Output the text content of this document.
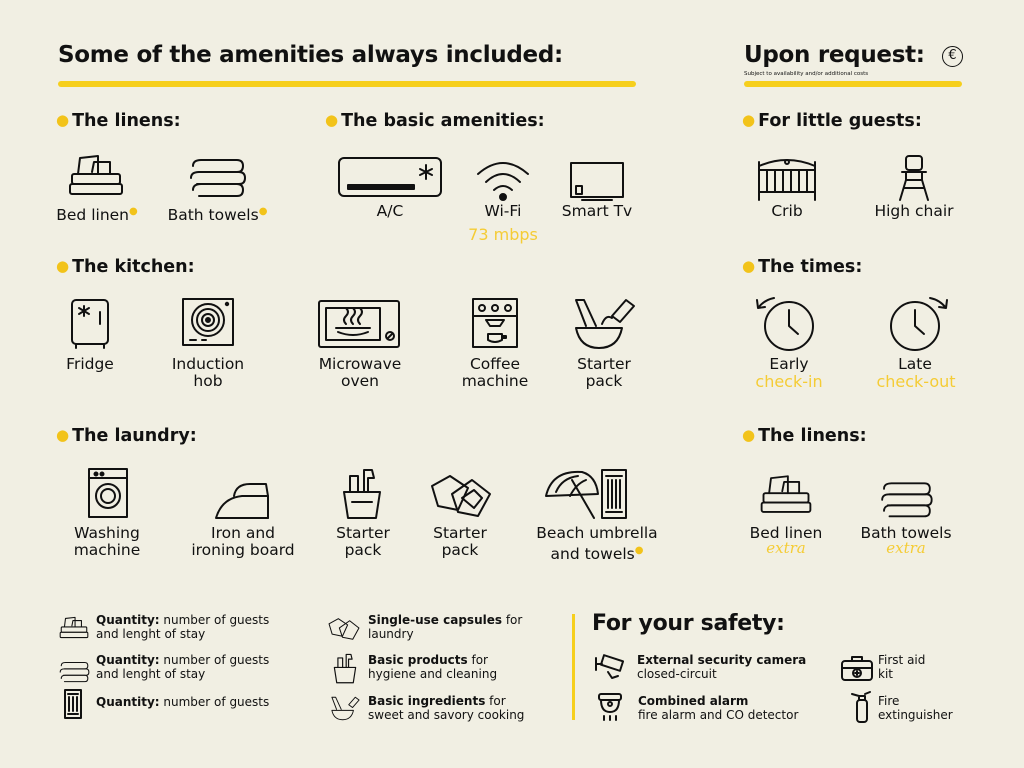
Some of the amenities always included:	Upon request:
Subject to availability and/or additional costs
€
● The linens:	● The basic amenities:	● For little guests:
● The kitchen:	● The times:
● The laundry:	● The linens:
Bed linen●	Bath towels●	A/C	Wi-Fi
73 mbps
Smart Tv	Crib	High chair
Fridge	Induction
hob
Microwave
oven
Coffee
machine
Starter
pack
Early
check-in
Late
check-out
Washing
machine
Iron and
ironing board
Starter
pack
Starter
pack
Beach umbrella
and towels●
Bed linen
extra
Bath towels
extra
Quantity: number of guests
and lenght of stay
Quantity: number of guests
and lenght of stay
Quantity: number of guests
Single-use capsules for
laundry
Basic products for
hygiene and cleaning
Basic ingredients for
sweet and savory cooking
For your safety:
External security camera
closed-circuit
Combined alarm
fire alarm and CO detector
First aid
kit
Fire
extinguisher
